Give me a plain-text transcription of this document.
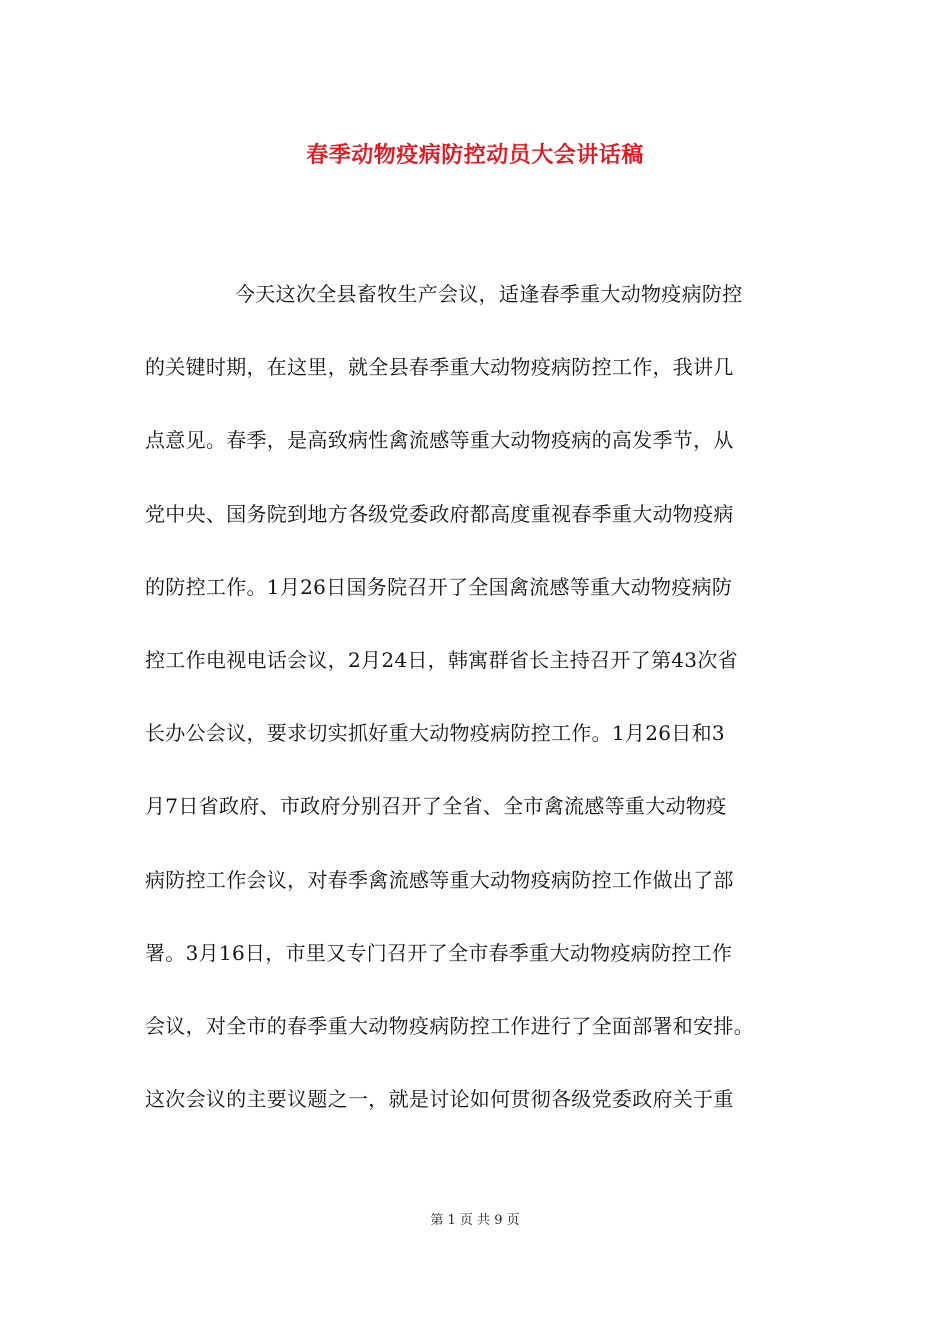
春季动物疫病防控动员大会讲话稿
今天这次全县畜牧生产会议，适逢春季重大动物疫病防控
的关键时期，在这里，就全县春季重大动物疫病防控工作，我讲几
点意见。春季，是高致病性禽流感等重大动物疫病的高发季节，从
党中央、国务院到地方各级党委政府都高度重视春季重大动物疫病
的防控工作。1月26日国务院召开了全国禽流感等重大动物疫病防
控工作电视电话会议，2月24日，韩寓群省长主持召开了第43次省
长办公会议，要求切实抓好重大动物疫病防控工作。1月26日和3
月7日省政府、市政府分别召开了全省、全市禽流感等重大动物疫
病防控工作会议，对春季禽流感等重大动物疫病防控工作做出了部
署。3月16日，市里又专门召开了全市春季重大动物疫病防控工作
会议，对全市的春季重大动物疫病防控工作进行了全面部署和安排。
这次会议的主要议题之一，就是讨论如何贯彻各级党委政府关于重
第 1 页 共 9 页
